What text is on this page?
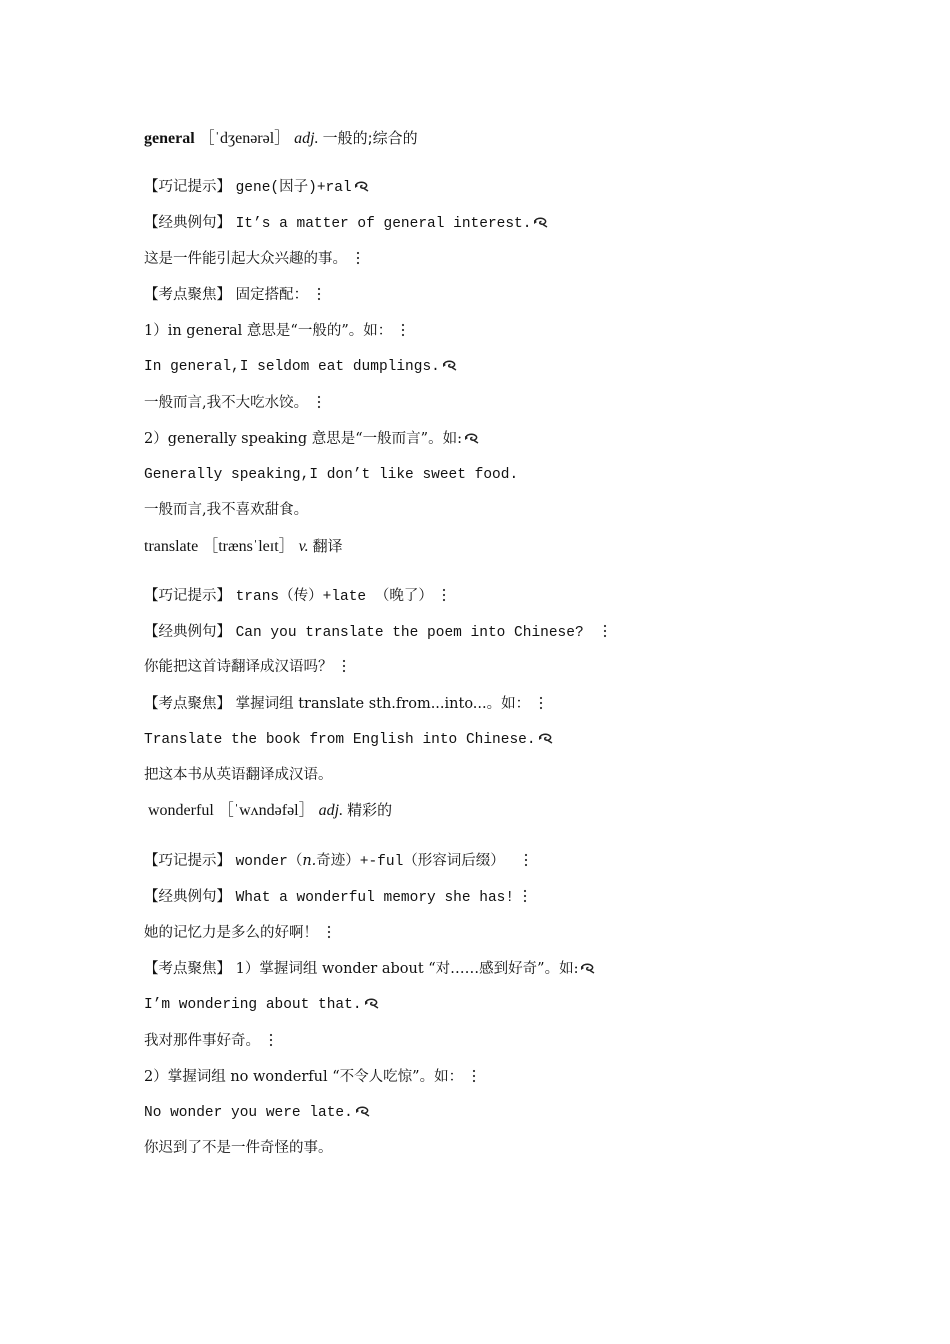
general ［ˈdʒenərəl］ adj. 一般的;综合的
【巧记提示】 gene(因子)+ral
【经典例句】 It’s a matter of general interest.
这是一件能引起大众兴趣的事。
【考点聚焦】 固定搭配：
1）in general 意思是“一般的”。如：
In general,I seldom eat dumplings.
一般而言,我不大吃水饺。
2）generally speaking 意思是“一般而言”。如:
Generally speaking,I don’t like sweet food.
一般而言,我不喜欢甜食。
translate ［trænsˈleɪt］ v. 翻译
【巧记提示】 trans（传）+late （晚了）
【经典例句】 Can you translate the poem into Chinese?
你能把这首诗翻译成汉语吗？
【考点聚焦】 掌握词组 translate sth.from...into...。如：
Translate the book from English into Chinese.
把这本书从英语翻译成汉语。
wonderful ［ˈwʌndəfəl］ adj. 精彩的
【巧记提示】 wonder（n.奇迹）+-ful（形容词后缀）
【经典例句】 What a wonderful memory she has!
她的记忆力是多么的好啊！
【考点聚焦】 1）掌握词组 wonder about “对……感到好奇”。如:
I’m wondering about that.
我对那件事好奇。
2）掌握词组 no wonderful “不令人吃惊”。如：
No wonder you were late.
你迟到了不是一件奇怪的事。
